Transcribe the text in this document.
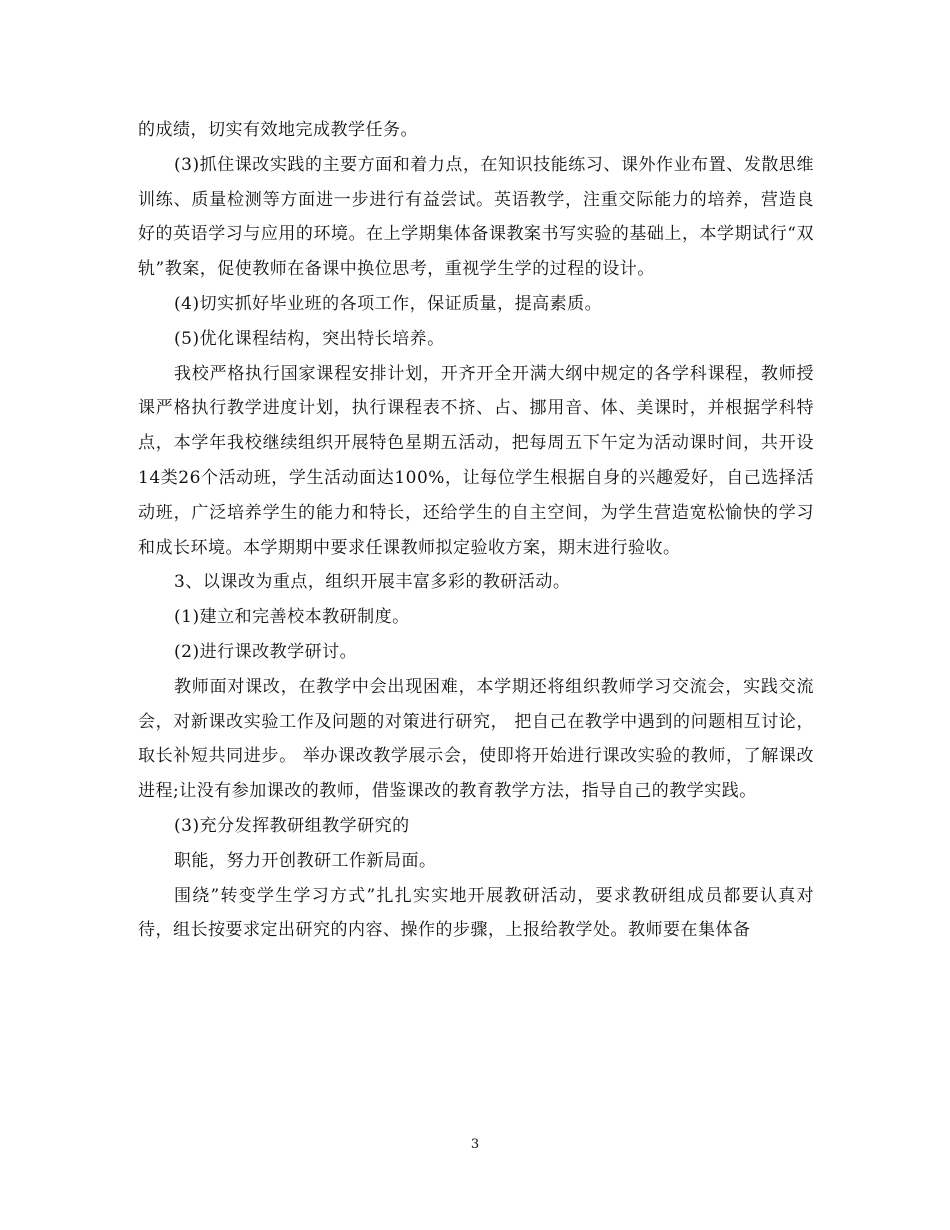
的成绩，切实有效地完成教学任务。

(3)抓住课改实践的主要方面和着力点，在知识技能练习、课外作业布置、发散思维训练、质量检测等方面进一步进行有益尝试。英语教学，注重交际能力的培养，营造良好的英语学习与应用的环境。在上学期集体备课教案书写实验的基础上，本学期试行“双轨”教案，促使教师在备课中换位思考，重视学生学的过程的设计。

(4)切实抓好毕业班的各项工作，保证质量，提高素质。

(5)优化课程结构，突出特长培养。

我校严格执行国家课程安排计划，开齐开全开满大纲中规定的各学科课程，教师授课严格执行教学进度计划，执行课程表不挤、占、挪用音、体、美课时，并根据学科特点，本学年我校继续组织开展特色星期五活动，把每周五下午定为活动课时间，共开设14类26个活动班，学生活动面达100%，让每位学生根据自身的兴趣爱好，自己选择活动班，广泛培养学生的能力和特长，还给学生的自主空间，为学生营造宽松愉快的学习和成长环境。本学期期中要求任课教师拟定验收方案，期末进行验收。

3、以课改为重点，组织开展丰富多彩的教研活动。

(1)建立和完善校本教研制度。

(2)进行课改教学研讨。

教师面对课改，在教学中会出现困难，本学期还将组织教师学习交流会，实践交流会，对新课改实验工作及问题的对策进行研究， 把自己在教学中遇到的问题相互讨论，取长补短共同进步。 举办课改教学展示会，使即将开始进行课改实验的教师，了解课改进程;让没有参加课改的教师，借鉴课改的教育教学方法，指导自己的教学实践。

(3)充分发挥教研组教学研究的

职能，努力开创教研工作新局面。

围绕”转变学生学习方式”扎扎实实地开展教研活动，要求教研组成员都要认真对待，组长按要求定出研究的内容、操作的步骤，上报给教学处。教师要在集体备

3
